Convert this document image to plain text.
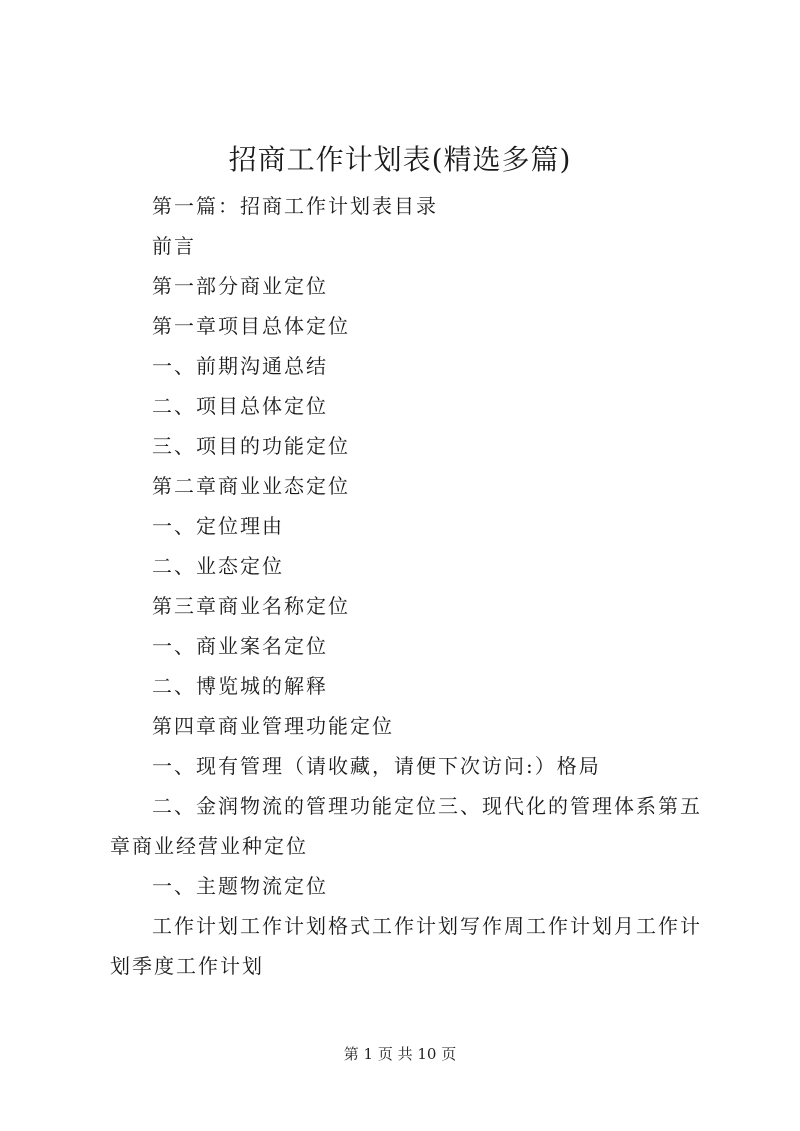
招商工作计划表(精选多篇)

第一篇：招商工作计划表目录

前言

第一部分商业定位

第一章项目总体定位

一、前期沟通总结

二、项目总体定位

三、项目的功能定位

第二章商业业态定位

一、定位理由

二、业态定位

第三章商业名称定位

一、商业案名定位

二、博览城的解释

第四章商业管理功能定位

一、现有管理（请收藏，请便下次访问:）格局

二、金润物流的管理功能定位三、现代化的管理体系第五章商业经营业种定位

一、主题物流定位

工作计划工作计划格式工作计划写作周工作计划月工作计划季度工作计划

第 1 页 共 10 页
